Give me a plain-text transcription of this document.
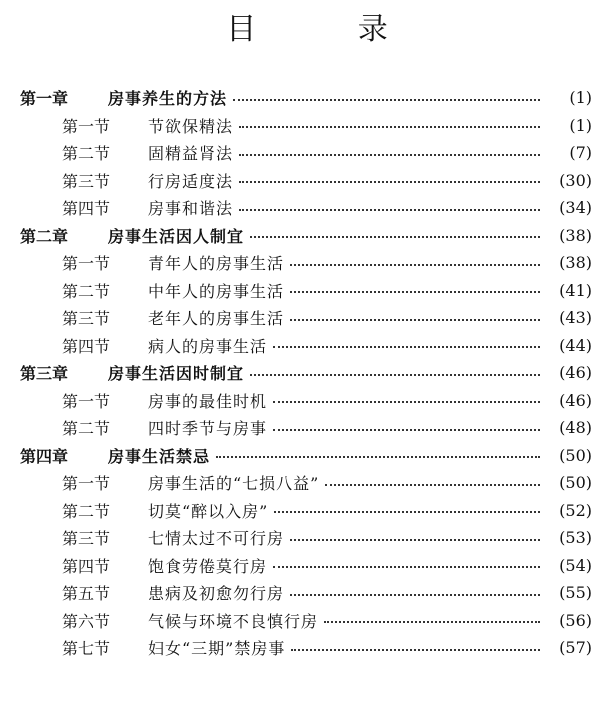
目 录
第一章	房事养生的方法	(1)
第一节	节欲保精法	(1)
第二节	固精益肾法	(7)
第三节	行房适度法	(30)
第四节	房事和谐法	(34)
第二章	房事生活因人制宜	(38)
第一节	青年人的房事生活	(38)
第二节	中年人的房事生活	(41)
第三节	老年人的房事生活	(43)
第四节	病人的房事生活	(44)
第三章	房事生活因时制宜	(46)
第一节	房事的最佳时机	(46)
第二节	四时季节与房事	(48)
第四章	房事生活禁忌	(50)
第一节	房事生活的“七损八益”	(50)
第二节	切莫“醉以入房”	(52)
第三节	七情太过不可行房	(53)
第四节	饱食劳倦莫行房	(54)
第五节	患病及初愈勿行房	(55)
第六节	气候与环境不良慎行房	(56)
第七节	妇女“三期”禁房事	(57)
